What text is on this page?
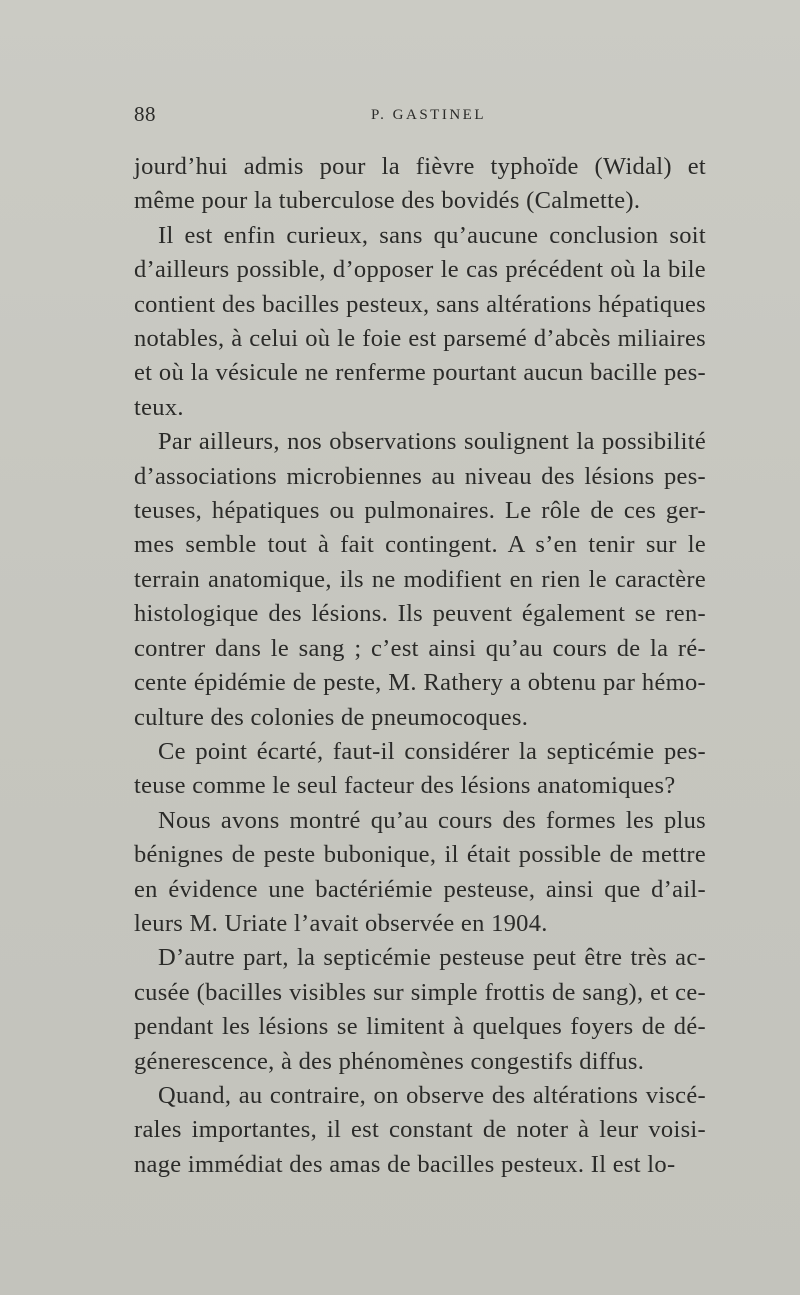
88	P. GASTINEL

jourd’hui admis pour la fièvre typhoïde (Widal) et même pour la tuberculose des bovidés (Calmette).

Il est enfin curieux, sans qu’aucune conclusion soit d’ailleurs possible, d’opposer le cas précédent où la bile contient des bacilles pesteux, sans altérations hépatiques notables, à celui où le foie est parsemé d’abcès miliaires et où la vésicule ne renferme pourtant aucun bacille pes-teux.

Par ailleurs, nos observations soulignent la possibilité d’associations microbiennes au niveau des lésions pes-teuses, hépatiques ou pulmonaires. Le rôle de ces ger-mes semble tout à fait contingent. A s’en tenir sur le terrain anatomique, ils ne modifient en rien le caractère histologique des lésions. Ils peuvent également se ren-contrer dans le sang ; c’est ainsi qu’au cours de la ré-cente épidémie de peste, M. Rathery a obtenu par hémo-culture des colonies de pneumocoques.

Ce point écarté, faut-il considérer la septicémie pes-teuse comme le seul facteur des lésions anatomiques?

Nous avons montré qu’au cours des formes les plus bénignes de peste bubonique, il était possible de mettre en évidence une bactériémie pesteuse, ainsi que d’ail-leurs M. Uriate l’avait observée en 1904.

D’autre part, la septicémie pesteuse peut être très ac-cusée (bacilles visibles sur simple frottis de sang), et ce-pendant les lésions se limitent à quelques foyers de dé-génerescence, à des phénomènes congestifs diffus.

Quand, au contraire, on observe des altérations viscé-rales importantes, il est constant de noter à leur voisi-nage immédiat des amas de bacilles pesteux. Il est lo-
